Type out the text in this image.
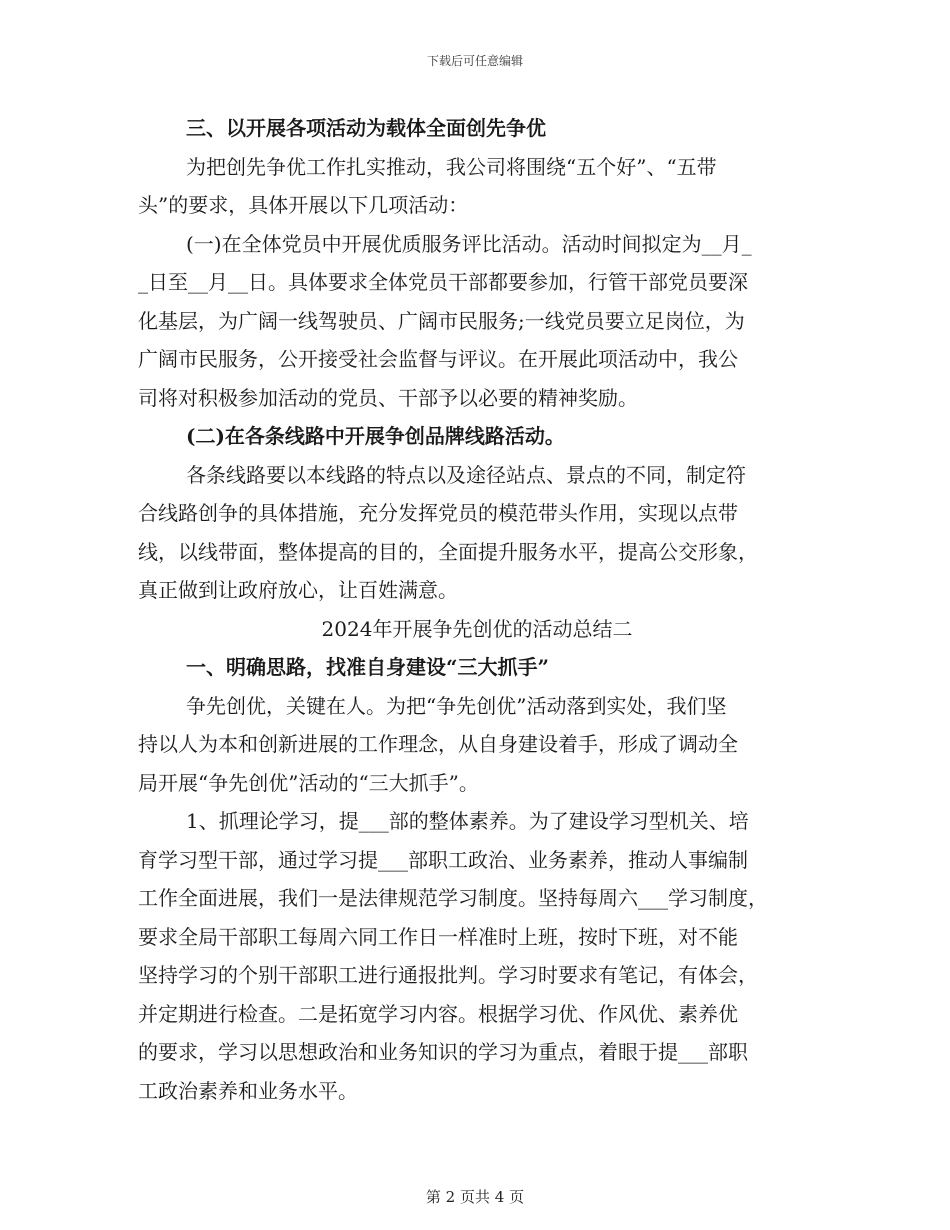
下载后可任意编辑
三、以开展各项活动为载体全面创先争优
为把创先争优工作扎实推动，我公司将围绕“五个好”、“五带
头”的要求，具体开展以下几项活动：
(一)在全体党员中开展优质服务评比活动。活动时间拟定为__月_
_日至__月__日。具体要求全体党员干部都要参加，行管干部党员要深
化基层，为广阔一线驾驶员、广阔市民服务;一线党员要立足岗位，为
广阔市民服务，公开接受社会监督与评议。在开展此项活动中，我公
司将对积极参加活动的党员、干部予以必要的精神奖励。
(二)在各条线路中开展争创品牌线路活动。
各条线路要以本线路的特点以及途径站点、景点的不同，制定符
合线路创争的具体措施，充分发挥党员的模范带头作用，实现以点带
线，以线带面，整体提高的目的，全面提升服务水平，提高公交形象，
真正做到让政府放心，让百姓满意。
2024年开展争先创优的活动总结二
一、明确思路，找准自身建设“三大抓手”
争先创优，关键在人。为把“争先创优”活动落到实处，我们坚
持以人为本和创新进展的工作理念，从自身建设着手，形成了调动全
局开展“争先创优”活动的“三大抓手”。
1、抓理论学习，提___部的整体素养。为了建设学习型机关、培
育学习型干部，通过学习提___部职工政治、业务素养，推动人事编制
工作全面进展，我们一是法律规范学习制度。坚持每周六___学习制度，
要求全局干部职工每周六同工作日一样准时上班，按时下班，对不能
坚持学习的个别干部职工进行通报批判。学习时要求有笔记，有体会，
并定期进行检查。二是拓宽学习内容。根据学习优、作风优、素养优
的要求，学习以思想政治和业务知识的学习为重点，着眼于提___部职
工政治素养和业务水平。
第 2 页共 4 页
